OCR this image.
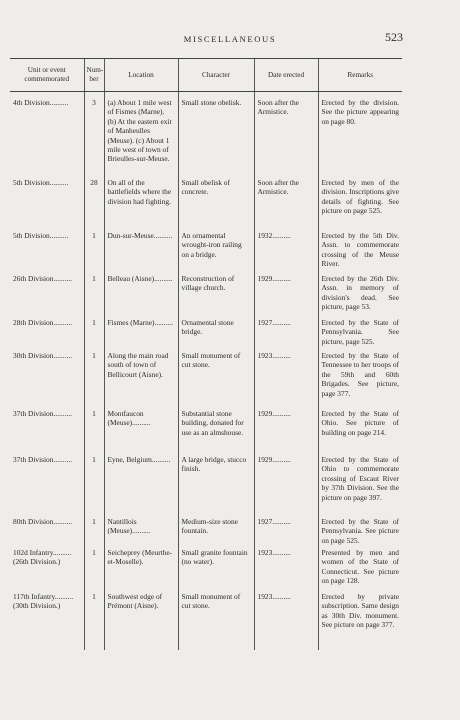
MISCELLANEOUS	523
Unit or event commemorated	Num-ber	Location	Character	Date erected	Remarks
4th Division..........	3	(a) About 1 mile west of Fismes (Marne). (b) At the eastern exit of Manheulles (Meuse). (c) About 1 mile west of town of Brieulles-sur-Meuse.	Small stone obelisk.	Soon after the Armistice.	Erected by the division. See the picture appearing on page 80.
5th Division..........	28	On all of the battlefields where the division had fighting.	Small obelisk of concrete.	Soon after the Armistice.	Erected by men of the division. Inscriptions give details of fighting. See picture on page 525.
5th Division..........	1	Dun-sur-Meuse..........	An ornamental wrought-iron railing on a bridge.	1932..........	Erected by the 5th Div. Assn. to commemorate crossing of the Meuse River.
26th Division..........	1	Belleau (Aisne)..........	Reconstruction of village church.	1929..........	Erected by the 26th Div. Assn. in memory of division's dead. See picture, page 53.
28th Division..........	1	Fismes (Marne)..........	Ornamental stone bridge.	1927..........	Erected by the State of Pennsylvania. See picture, page 525.
30th Division..........	1	Along the main road south of town of Bellicourt (Aisne).	Small monument of cut stone.	1923..........	Erected by the State of Tennessee to her troops of the 59th and 60th Brigades. See picture, page 377.
37th Division..........	1	Montfaucon (Meuse)..........	Substantial stone building, donated for use as an almshouse.	1929..........	Erected by the State of Ohio. See picture of building on page 214.
37th Division..........	1	Eyne, Belgium..........	A large bridge, stucco finish.	1929..........	Erected by the State of Ohio to commemorate crossing of Escaut River by 37th Division. See the picture on page 397.
80th Division..........	1	Nantillois (Meuse)..........	Medium-size stone fountain.	1927..........	Erected by the State of Pennsylvania. See picture on page 525.
102d Infantry.......... (26th Division.)	1	Seicheprey (Meurthe-et-Moselle).	Small granite fountain (no water).	1923..........	Presented by men and women of the State of Connecticut. See picture on page 128.
117th Infantry.......... (30th Division.)	1	Southwest edge of Prémont (Aisne).	Small monument of cut stone.	1923..........	Erected by private subscription. Same design as 30th Div. monument. See picture on page 377.
